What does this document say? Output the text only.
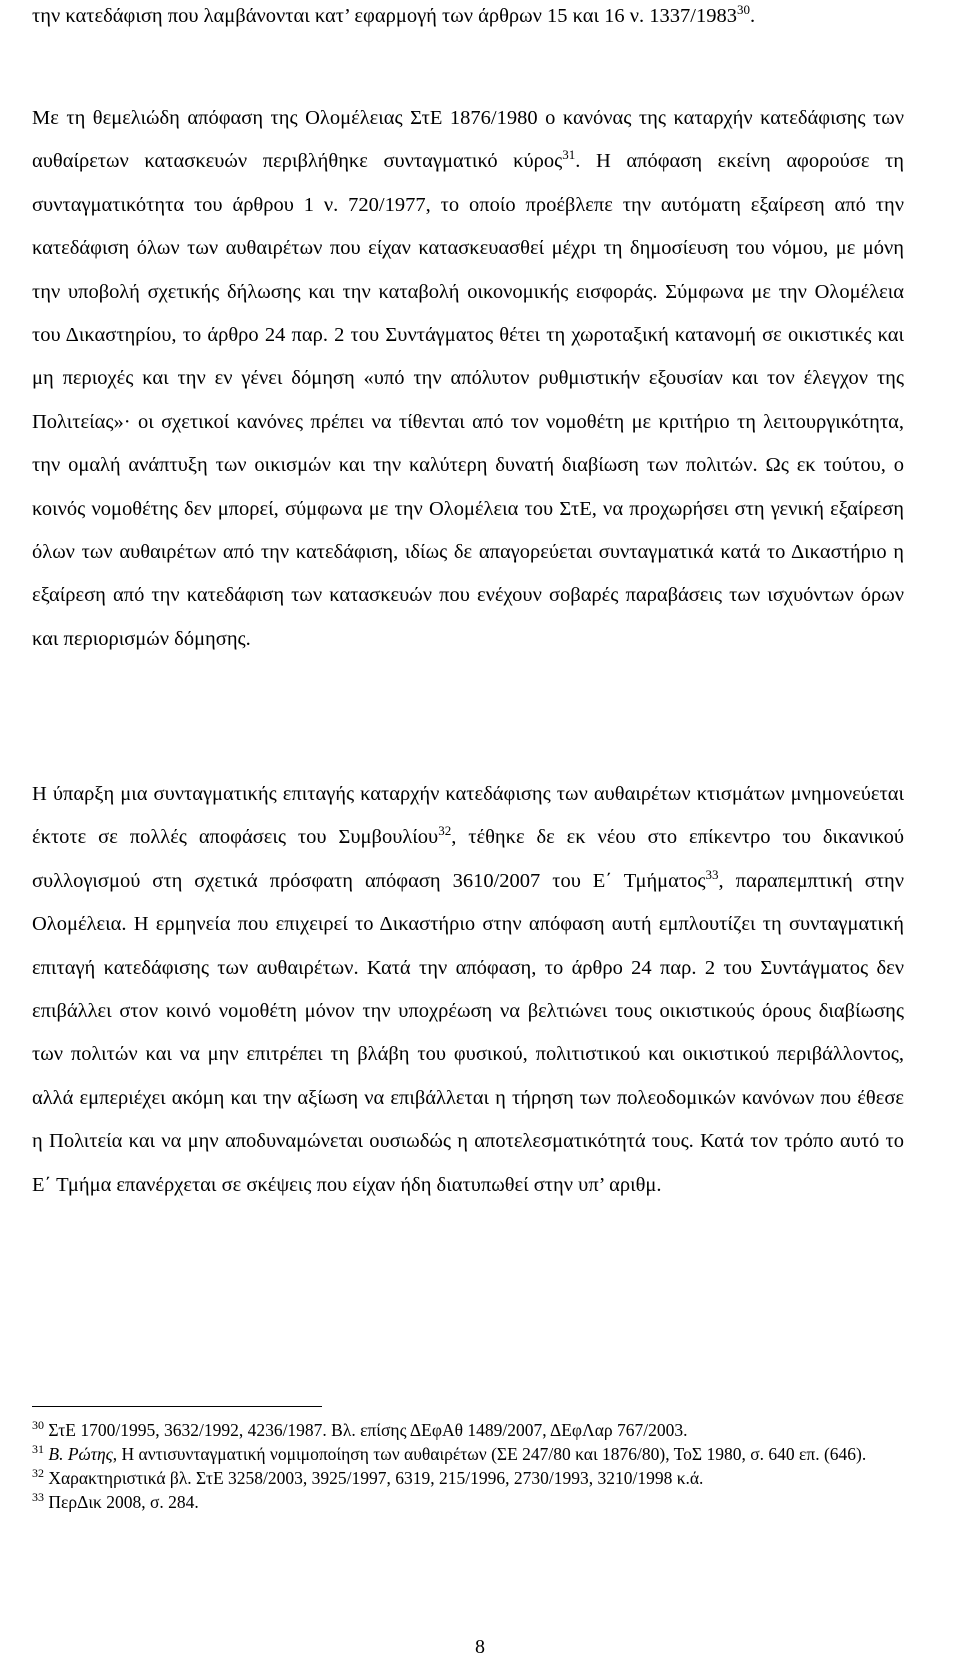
την κατεδάφιση που λαμβάνονται κατ’ εφαρμογή των άρθρων 15 και 16 ν. 1337/1983$^{30}$.

Με τη θεμελιώδη απόφαση της Ολομέλειας ΣτΕ 1876/1980 ο κανόνας της καταρχήν κατεδάφισης των αυθαίρετων κατασκευών περιβλήθηκε συνταγματικό κύρος$^{31}$. Η απόφαση εκείνη αφορούσε τη συνταγματικότητα του άρθρου 1 ν. 720/1977, το οποίο προέβλεπε την αυτόματη εξαίρεση από την κατεδάφιση όλων των αυθαιρέτων που είχαν κατασκευασθεί μέχρι τη δημοσίευση του νόμου, με μόνη την υποβολή σχετικής δήλωσης και την καταβολή οικονομικής εισφοράς. Σύμφωνα με την Ολομέλεια του Δικαστηρίου, το άρθρο 24 παρ. 2 του Συντάγματος θέτει τη χωροταξική κατανομή σε οικιστικές και μη περιοχές και την εν γένει δόμηση «υπό την απόλυτον ρυθμιστικήν εξουσίαν και τον έλεγχον της Πολιτείας»· οι σχετικοί κανόνες πρέπει να τίθενται από τον νομοθέτη με κριτήριο τη λειτουργικότητα, την ομαλή ανάπτυξη των οικισμών και την καλύτερη δυνατή διαβίωση των πολιτών. Ως εκ τούτου, ο κοινός νομοθέτης δεν μπορεί, σύμφωνα με την Ολομέλεια του ΣτΕ, να προχωρήσει στη γενική εξαίρεση όλων των αυθαιρέτων από την κατεδάφιση, ιδίως δε απαγορεύεται συνταγματικά κατά το Δικαστήριο η εξαίρεση από την κατεδάφιση των κατασκευών που ενέχουν σοβαρές παραβάσεις των ισχυόντων όρων και περιορισμών δόμησης.

Η ύπαρξη μια συνταγματικής επιταγής καταρχήν κατεδάφισης των αυθαιρέτων κτισμάτων μνημονεύεται έκτοτε σε πολλές αποφάσεις του Συμβουλίου$^{32}$, τέθηκε δε εκ νέου στο επίκεντρο του δικανικού συλλογισμού στη σχετικά πρόσφατη απόφαση 3610/2007 του Ε΄ Τμήματος$^{33}$, παραπεμπτική στην Ολομέλεια. Η ερμηνεία που επιχειρεί το Δικαστήριο στην απόφαση αυτή εμπλουτίζει τη συνταγματική επιταγή κατεδάφισης των αυθαιρέτων. Κατά την απόφαση, το άρθρο 24 παρ. 2 του Συντάγματος δεν επιβάλλει στον κοινό νομοθέτη μόνον την υποχρέωση να βελτιώνει τους οικιστικούς όρους διαβίωσης των πολιτών και να μην επιτρέπει τη βλάβη του φυσικού, πολιτιστικού και οικιστικού περιβάλλοντος, αλλά εμπεριέχει ακόμη και την αξίωση να επιβάλλεται η τήρηση των πολεοδομικών κανόνων που έθεσε η Πολιτεία και να μην αποδυναμώνεται ουσιωδώς η αποτελεσματικότητά τους. Κατά τον τρόπο αυτό το Ε΄ Τμήμα επανέρχεται σε σκέψεις που είχαν ήδη διατυπωθεί στην υπ’ αριθμ.

$^{30}$ ΣτΕ 1700/1995, 3632/1992, 4236/1987. Βλ. επίσης ΔΕφΑθ 1489/2007, ΔΕφΛαρ 767/2003.

$^{31}$ Β. Ρώτης, Η αντισυνταγματική νομιμοποίηση των αυθαιρέτων (ΣΕ 247/80 και 1876/80), ΤοΣ 1980, σ. 640 επ. (646).

$^{32}$ Χαρακτηριστικά βλ. ΣτΕ 3258/2003, 3925/1997, 6319, 215/1996, 2730/1993, 3210/1998 κ.ά.

$^{33}$ ΠερΔικ 2008, σ. 284.

8
